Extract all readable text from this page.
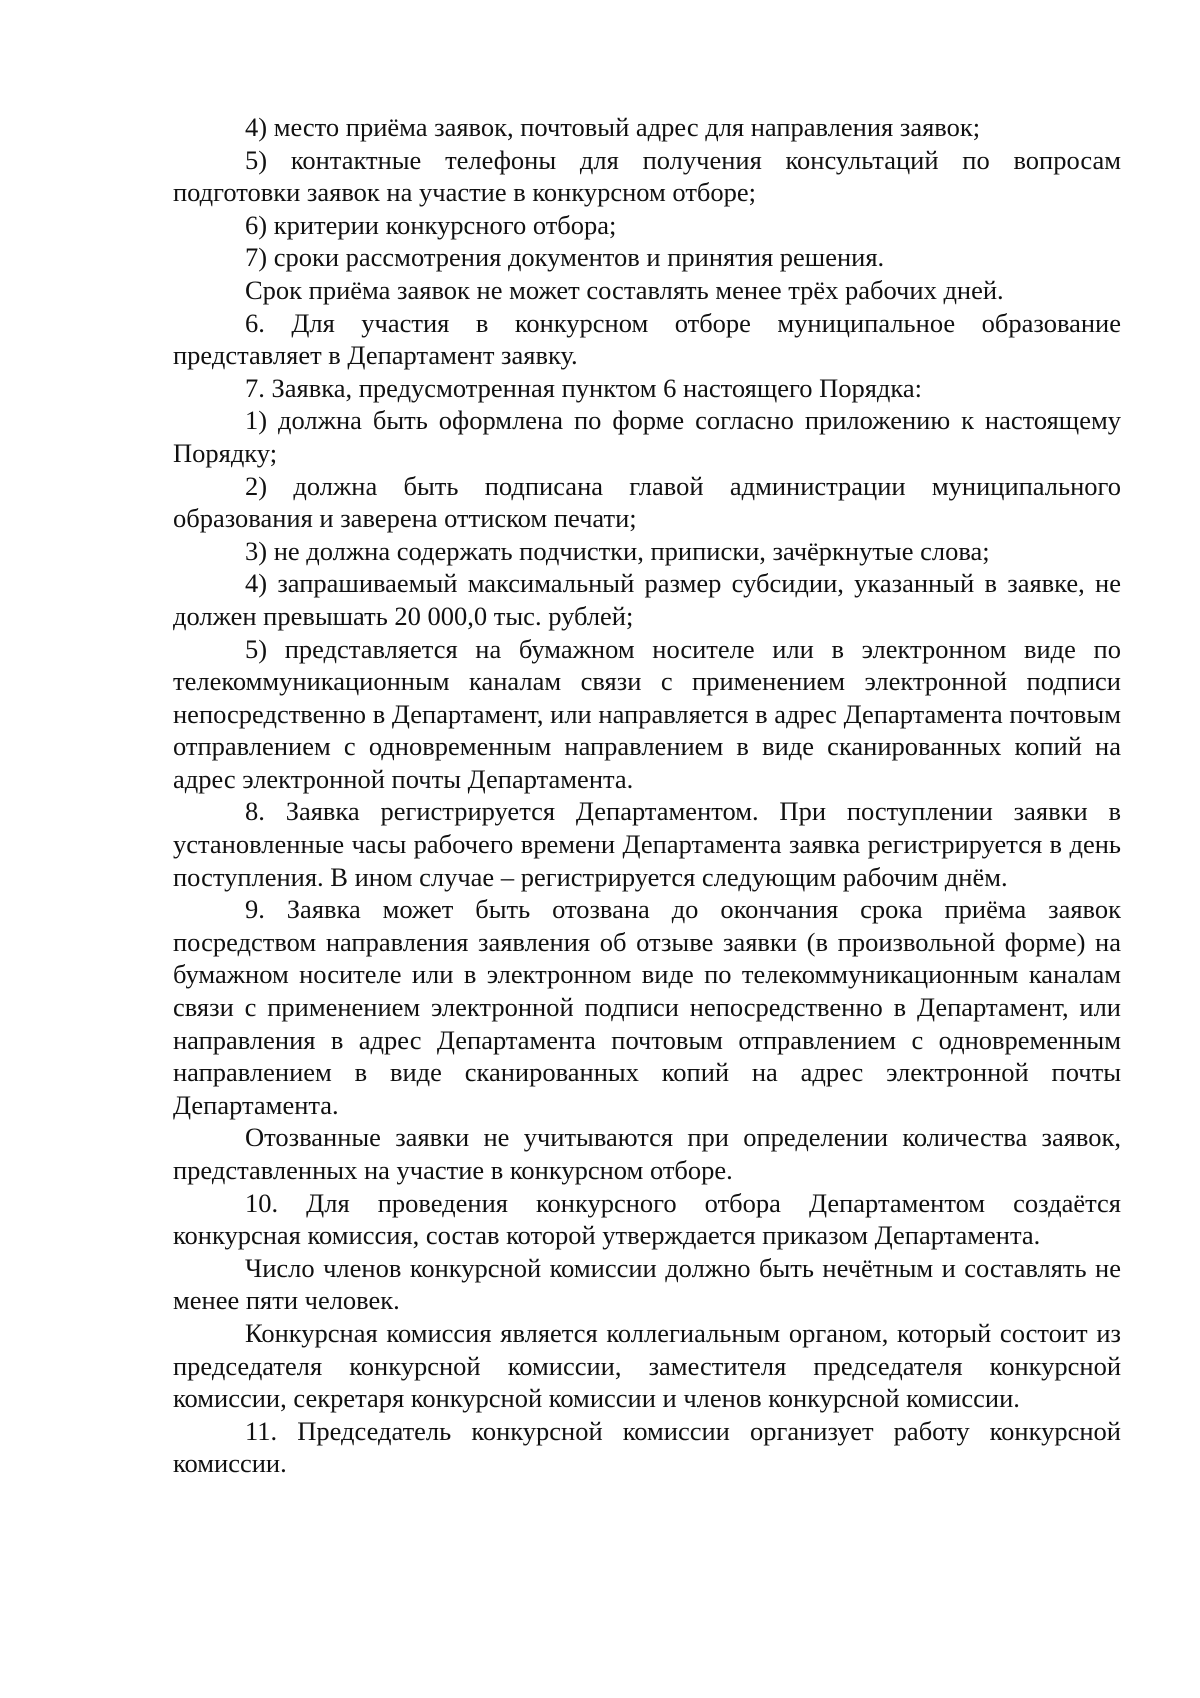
4) место приёма заявок, почтовый адрес для направления заявок;

5) контактные телефоны для получения консультаций по вопросам подготовки заявок на участие в конкурсном отборе;

6) критерии конкурсного отбора;

7) сроки рассмотрения документов и принятия решения.

Срок приёма заявок не может составлять менее трёх рабочих дней.

6. Для участия в конкурсном отборе муниципальное образование представляет в Департамент заявку.

7. Заявка, предусмотренная пунктом 6 настоящего Порядка:

1) должна быть оформлена по форме согласно приложению к настоящему Порядку;

2) должна быть подписана главой администрации муниципального образования и заверена оттиском печати;

3) не должна содержать подчистки, приписки, зачёркнутые слова;

4) запрашиваемый максимальный размер субсидии, указанный в заявке, не должен превышать 20 000,0 тыс. рублей;

5) представляется на бумажном носителе или в электронном виде по телекоммуникационным каналам связи с применением электронной подписи непосредственно в Департамент, или направляется в адрес Департамента почтовым отправлением с одновременным направлением в виде сканированных копий на адрес электронной почты Департамента.

8. Заявка регистрируется Департаментом. При поступлении заявки в установленные часы рабочего времени Департамента заявка регистрируется в день поступления. В ином случае – регистрируется следующим рабочим днём.

9. Заявка может быть отозвана до окончания срока приёма заявок посредством направления заявления об отзыве заявки (в произвольной форме) на бумажном носителе или в электронном виде по телекоммуникационным каналам связи с применением электронной подписи непосредственно в Департамент, или направления в адрес Департамента почтовым отправлением с одновременным направлением в виде сканированных копий на адрес электронной почты Департамента.

Отозванные заявки не учитываются при определении количества заявок, представленных на участие в конкурсном отборе.

10. Для проведения конкурсного отбора Департаментом создаётся конкурсная комиссия, состав которой утверждается приказом Департамента.

Число членов конкурсной комиссии должно быть нечётным и составлять не менее пяти человек.

Конкурсная комиссия является коллегиальным органом, который состоит из председателя конкурсной комиссии, заместителя председателя конкурсной комиссии, секретаря конкурсной комиссии и членов конкурсной комиссии.

11. Председатель конкурсной комиссии организует работу конкурсной комиссии.
